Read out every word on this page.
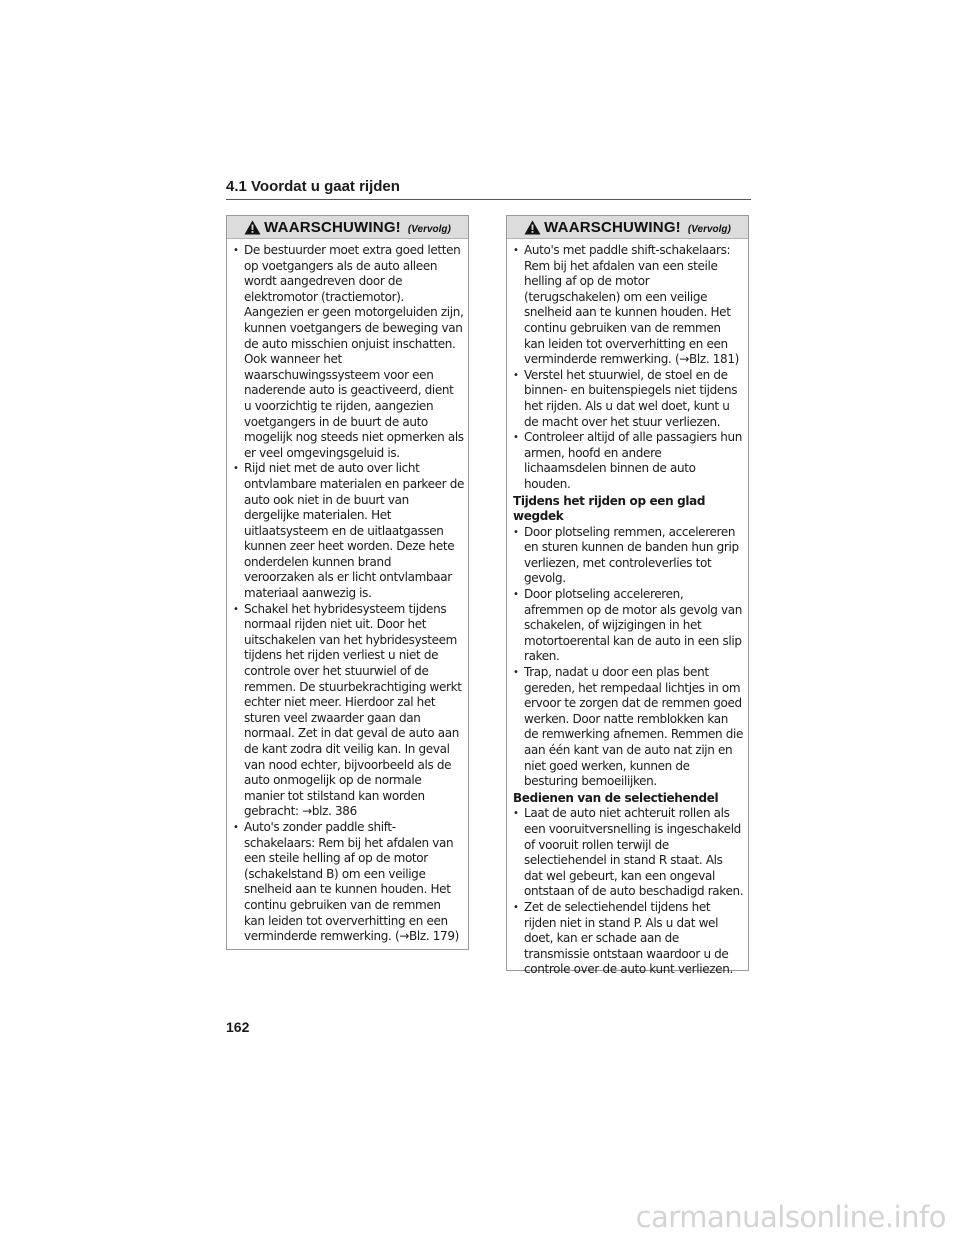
4.1 Voordat u gaat rijden
WAARSCHUWING! (Vervolg)
• De bestuurder moet extra goed letten op voetgangers als de auto alleen wordt aangedreven door de elektromotor (tractiemotor). Aangezien er geen motorgeluiden zijn, kunnen voetgangers de beweging van de auto misschien onjuist inschatten. Ook wanneer het waarschuwingssysteem voor een naderende auto is geactiveerd, dient u voorzichtig te rijden, aangezien voetgangers in de buurt de auto mogelijk nog steeds niet opmerken als er veel omgevingsgeluid is.
• Rijd niet met de auto over licht ontvlambare materialen en parkeer de auto ook niet in de buurt van dergelijke materialen. Het uitlaatsysteem en de uitlaatgassen kunnen zeer heet worden. Deze hete onderdelen kunnen brand veroorzaken als er licht ontvlambaar materiaal aanwezig is.
• Schakel het hybridesysteem tijdens normaal rijden niet uit. Door het uitschakelen van het hybridesysteem tijdens het rijden verliest u niet de controle over het stuurwiel of de remmen. De stuurbekrachtiging werkt echter niet meer. Hierdoor zal het sturen veel zwaarder gaan dan normaal. Zet in dat geval de auto aan de kant zodra dit veilig kan. In geval van nood echter, bijvoorbeeld als de auto onmogelijk op de normale manier tot stilstand kan worden gebracht: →blz. 386
• Auto's zonder paddle shift-schakelaars: Rem bij het afdalen van een steile helling af op de motor (schakelstand B) om een veilige snelheid aan te kunnen houden. Het continu gebruiken van de remmen kan leiden tot oververhitting en een verminderde remwerking. (→Blz. 179)
WAARSCHUWING! (Vervolg)
• Auto's met paddle shift-schakelaars: Rem bij het afdalen van een steile helling af op de motor (terugschakelen) om een veilige snelheid aan te kunnen houden. Het continu gebruiken van de remmen kan leiden tot oververhitting en een verminderde remwerking. (→Blz. 181)
• Verstel het stuurwiel, de stoel en de binnen- en buitenspiegels niet tijdens het rijden. Als u dat wel doet, kunt u de macht over het stuur verliezen.
• Controleer altijd of alle passagiers hun armen, hoofd en andere lichaamsdelen binnen de auto houden.
Tijdens het rijden op een glad wegdek
• Door plotseling remmen, accelereren en sturen kunnen de banden hun grip verliezen, met controleverlies tot gevolg.
• Door plotseling accelereren, afremmen op de motor als gevolg van schakelen, of wijzigingen in het motortoerental kan de auto in een slip raken.
• Trap, nadat u door een plas bent gereden, het rempedaal lichtjes in om ervoor te zorgen dat de remmen goed werken. Door natte remblokken kan de remwerking afnemen. Remmen die aan één kant van de auto nat zijn en niet goed werken, kunnen de besturing bemoeilijken.
Bedienen van de selectiehendel
• Laat de auto niet achteruit rollen als een vooruitversnelling is ingeschakeld of vooruit rollen terwijl de selectiehendel in stand R staat. Als dat wel gebeurt, kan een ongeval ontstaan of de auto beschadigd raken.
• Zet de selectiehendel tijdens het rijden niet in stand P. Als u dat wel doet, kan er schade aan de transmissie ontstaan waardoor u de controle over de auto kunt verliezen.
162
carmanualsonline.info
